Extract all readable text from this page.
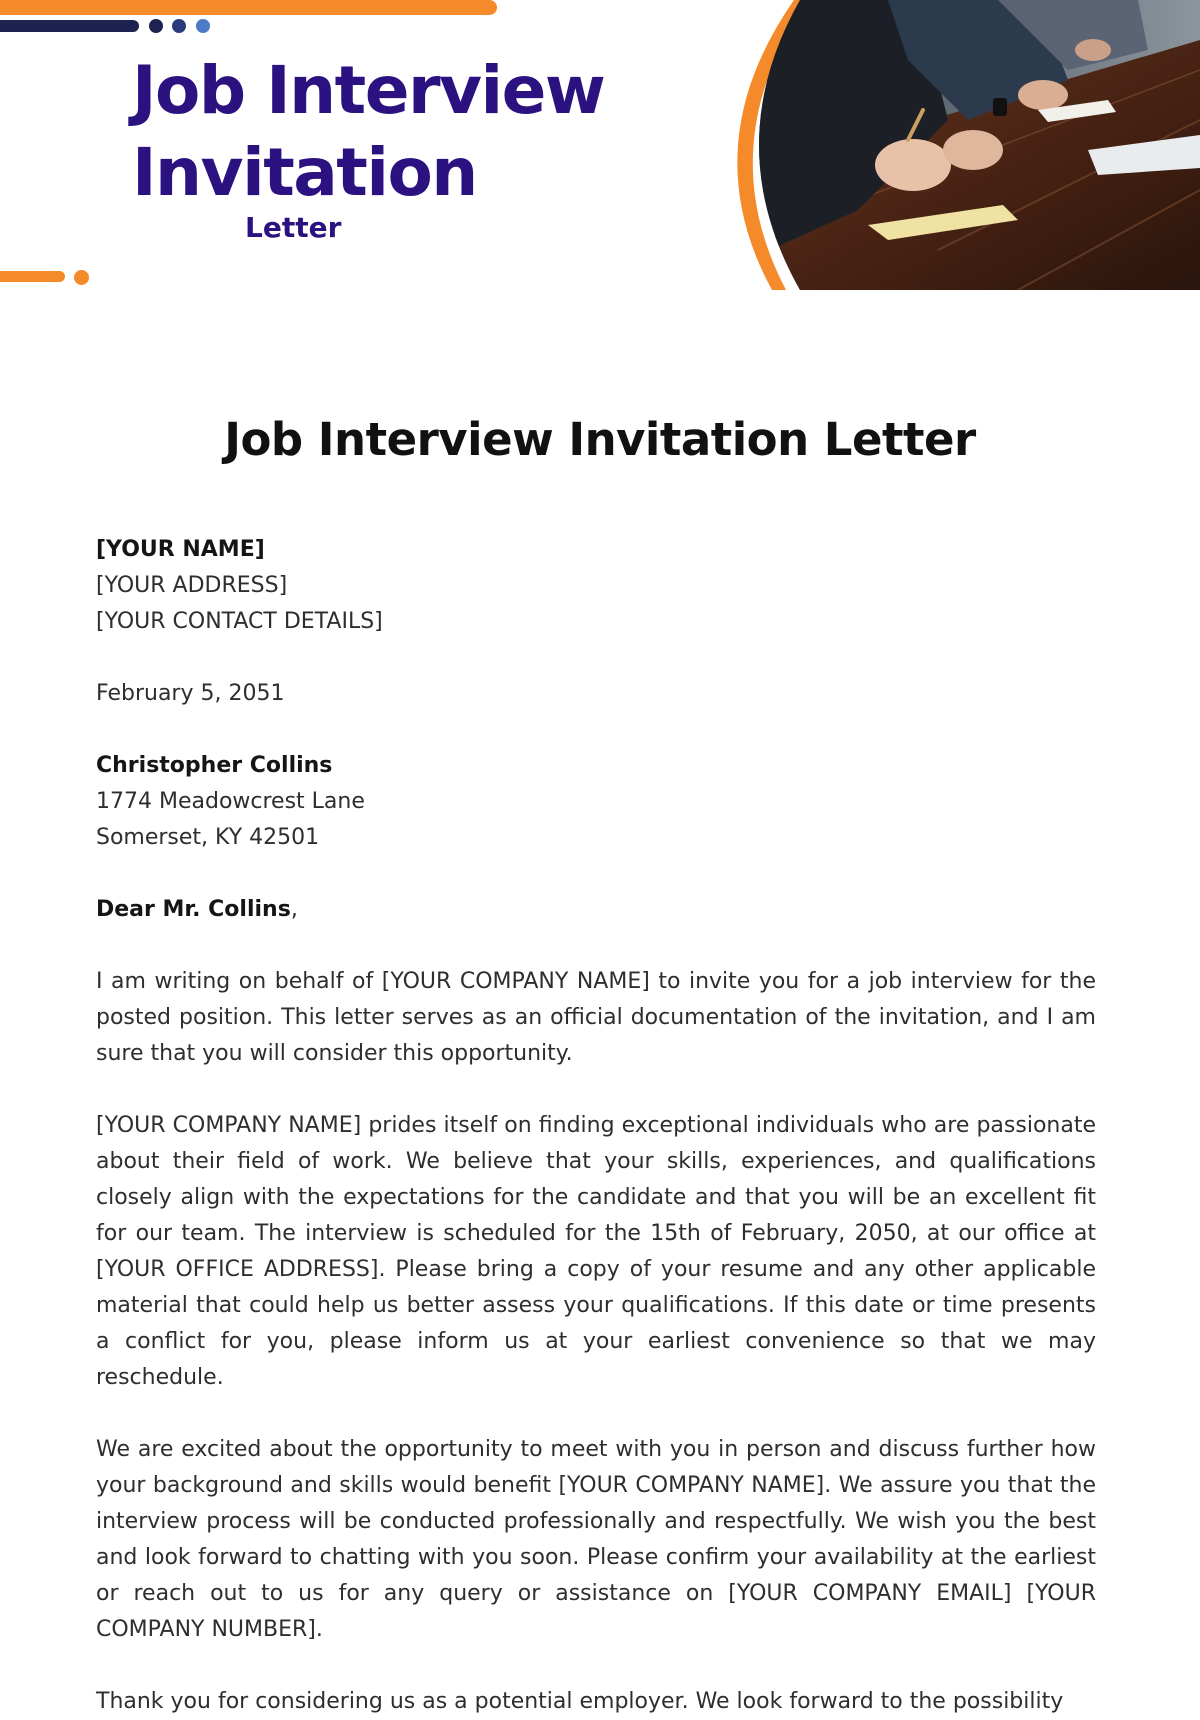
Job Interview
Invitation
Letter
Job Interview Invitation Letter

[YOUR NAME]

[YOUR ADDRESS]

[YOUR CONTACT DETAILS]

February 5, 2051

Christopher Collins

1774 Meadowcrest Lane

Somerset, KY 42501

Dear Mr. Collins,

I am writing on behalf of [YOUR COMPANY NAME] to invite you for a job interview for the posted position. This letter serves as an official documentation of the invitation, and I am sure that you will consider this opportunity.

[YOUR COMPANY NAME] prides itself on finding exceptional individuals who are passionate about their field of work. We believe that your skills, experiences, and qualifications closely align with the expectations for the candidate and that you will be an excellent fit for our team. The interview is scheduled for the 15th of February, 2050, at our office at [YOUR OFFICE ADDRESS]. Please bring a copy of your resume and any other applicable material that could help us better assess your qualifications. If this date or time presents a conflict for you, please inform us at your earliest convenience so that we may reschedule.

We are excited about the opportunity to meet with you in person and discuss further how your background and skills would benefit [YOUR COMPANY NAME]. We assure you that the interview process will be conducted professionally and respectfully. We wish you the best and look forward to chatting with you soon. Please confirm your availability at the earliest or reach out to us for any query or assistance on [YOUR COMPANY EMAIL] [YOUR COMPANY NUMBER].

Thank you for considering us as a potential employer. We look forward to the possibility
